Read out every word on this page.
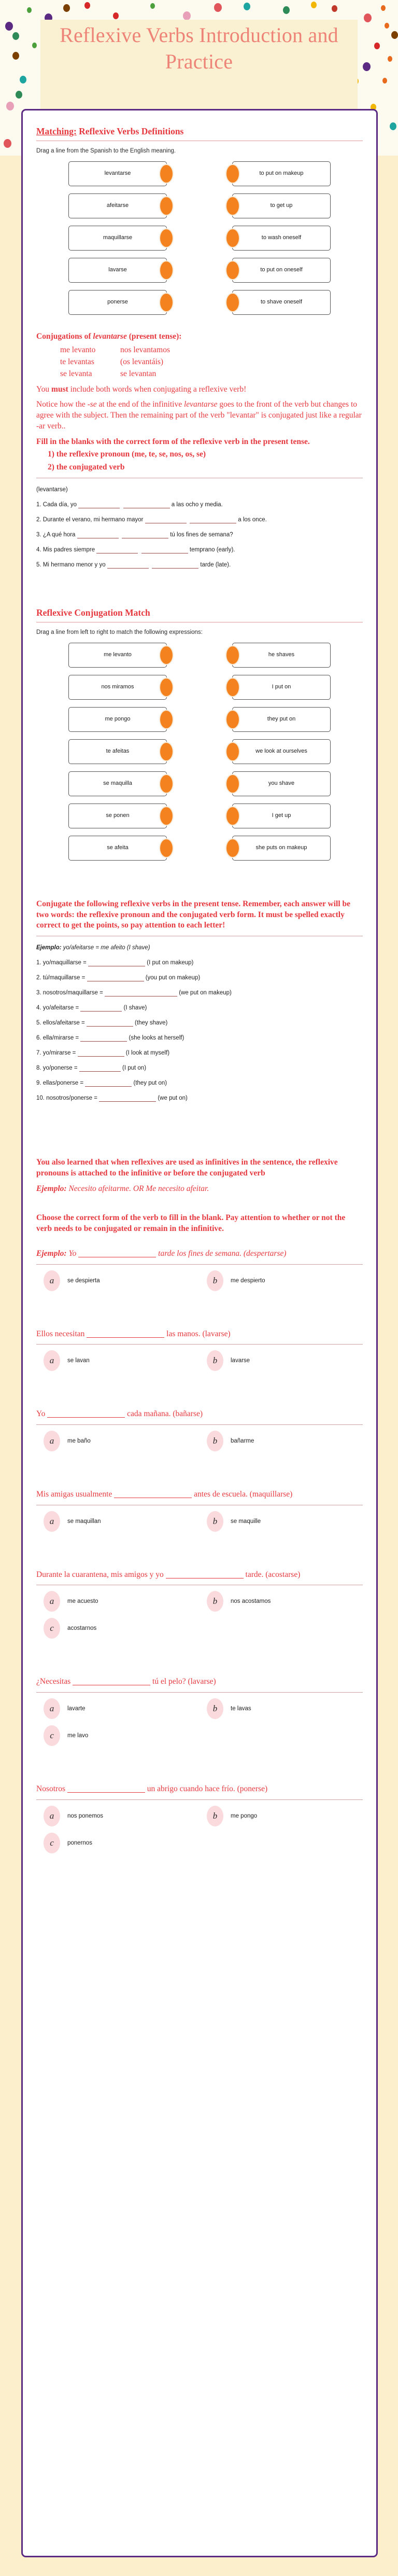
Reflexive Verbs Introduction and Practice
Matching: Reflexive Verbs Definitions

Drag a line from the Spanish to the English meaning.

levantarse	to put on makeup
afeitarse	to get up
maquillarse	to wash oneself
lavarse	to put on oneself
ponerse	to shave oneself
Conjugations of levantarse (present tense):
me levanto	nos levantamos
te levantas	(os levantáis)
se levanta	se levantan
You must include both words when conjugating a reflexive verb!
Notice how the -se at the end of the infinitive levantarse goes to the front of the verb but changes to agree with the subject. Then the remaining part of the verb "levantar" is conjugated just like a regular -ar verb..
Fill in the blanks with the correct form of the reflexive verb in the present tense.
1) the reflexive pronoun (me, te, se, nos, os, se)
2) the conjugated verb
(levantarse)
1. Cada día, yo	a las ocho y media.
2. Durante el verano, mi hermano mayor	a los once.
3. ¿A qué hora	tú los fines de semana?
4. Mis padres siempre	temprano (early).
5. Mi hermano menor y yo	tarde (late).
Reflexive Conjugation Match

Drag a line from left to right to match the following expressions:

me levanto	he shaves
nos miramos	I put on
me pongo	they put on
te afeitas	we look at ourselves
se maquilla	you shave
se ponen	I get up
se afeita	she puts on makeup
Conjugate the following reflexive verbs in the present tense. Remember, each answer will be two words: the reflexive pronoun and the conjugated verb form. It must be spelled exactly correct to get the points, so pay attention to each letter!
Ejemplo: yo/afeitarse = me afeito (I shave)
1. yo/maquillarse =	(I put on makeup)
2. tú/maquillarse =	(you put on makeup)
3. nosotros/maquillarse =	(we put on makeup)
4. yo/afeitarse =	(I shave)
5. ellos/afeitarse =	(they shave)
6. ella/mirarse =	(she looks at herself)
7. yo/mirarse =	(I look at myself)
8. yo/ponerse =	(I put on)
9. ellas/ponerse =	(they put on)
10. nosotros/ponerse =	(we put on)
You also learned that when reflexives are used as infinitives in the sentence, the reflexive pronouns is attached to the infinitive or before the conjugated verb
Ejemplo: Necesito afeitarme. OR Me necesito afeitar.
Choose the correct form of the verb to fill in the blank. Pay attention to whether or not the verb needs to be conjugated or remain in the infinitive.
Ejemplo: Yo	tarde los fines de semana. (despertarse)
a	se despierta	b	me despierto
Ellos necesitan	las manos. (lavarse)
a	se lavan	b	lavarse
Yo	cada mañana. (bañarse)
a	me baño	b	bañarme
Mis amigas usualmente	antes de escuela. (maquillarse)
a	se maquillan	b	se maquille
Durante la cuarantena, mis amigos y yo	tarde. (acostarse)
a	me acuesto	b	nos acostamos
c	acostarnos
¿Necesitas	tú el pelo? (lavarse)
a	lavarte	b	te lavas
c	me lavo
Nosotros	un abrigo cuando hace frío. (ponerse)
a	nos ponemos	b	me pongo
c	ponernos
